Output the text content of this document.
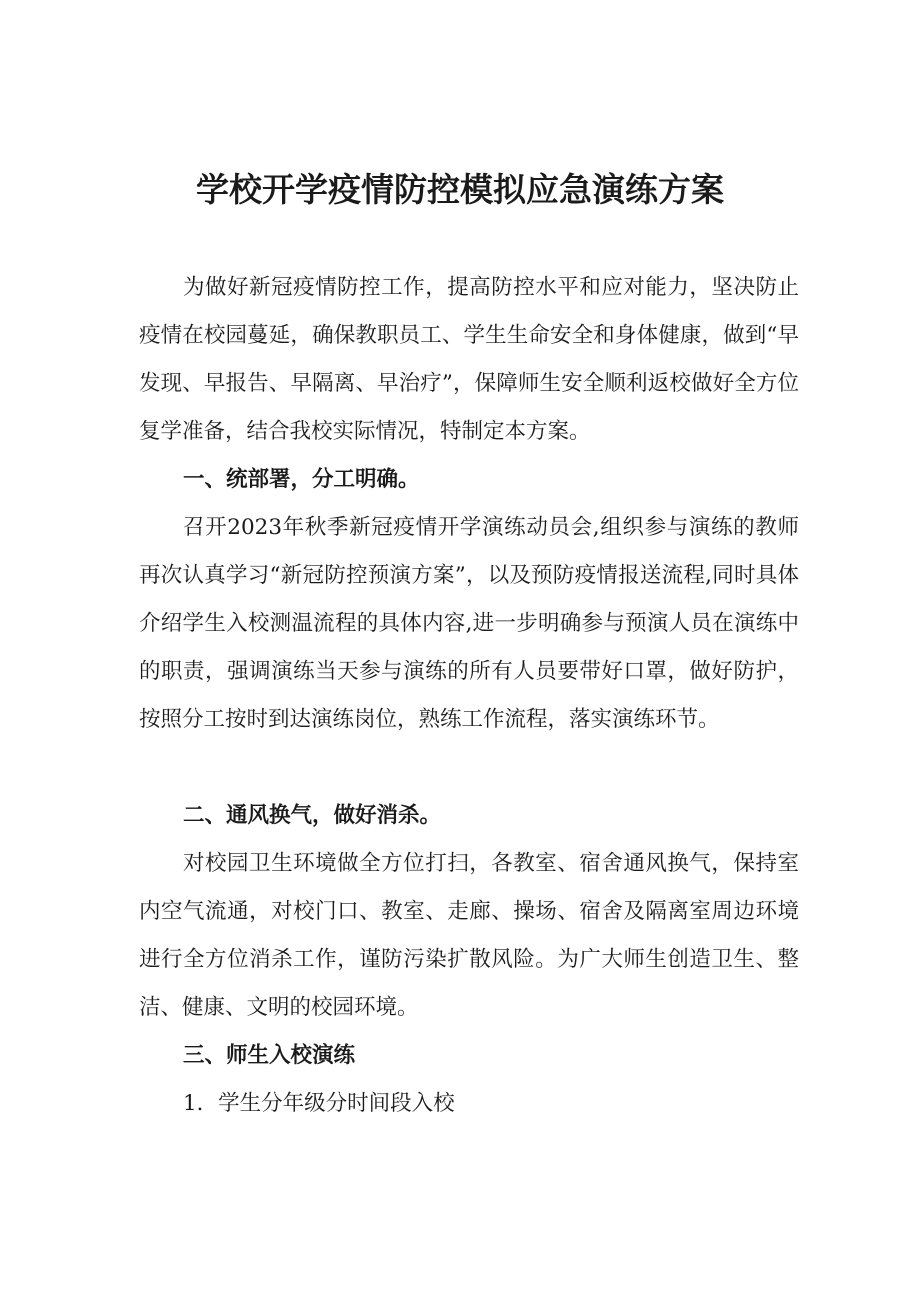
学校开学疫情防控模拟应急演练方案

为做好新冠疫情防控工作，提高防控水平和应对能力，坚决防止疫情在校园蔓延，确保教职员工、学生生命安全和身体健康，做到“早发现、早报告、早隔离、早治疗”，保障师生安全顺利返校做好全方位复学准备，结合我校实际情况，特制定本方案。

一、统部署，分工明确。

召开2023年秋季新冠疫情开学演练动员会,组织参与演练的教师再次认真学习“新冠防控预演方案”，以及预防疫情报送流程,同时具体介绍学生入校测温流程的具体内容,进一步明确参与预演人员在演练中的职责，强调演练当天参与演练的所有人员要带好口罩，做好防护，按照分工按时到达演练岗位，熟练工作流程，落实演练环节。

二、通风换气，做好消杀。

对校园卫生环境做全方位打扫，各教室、宿舍通风换气，保持室内空气流通，对校门口、教室、走廊、操场、宿舍及隔离室周边环境进行全方位消杀工作，谨防污染扩散风险。为广大师生创造卫生、整洁、健康、文明的校园环境。

三、师生入校演练
1．学生分年级分时间段入校
